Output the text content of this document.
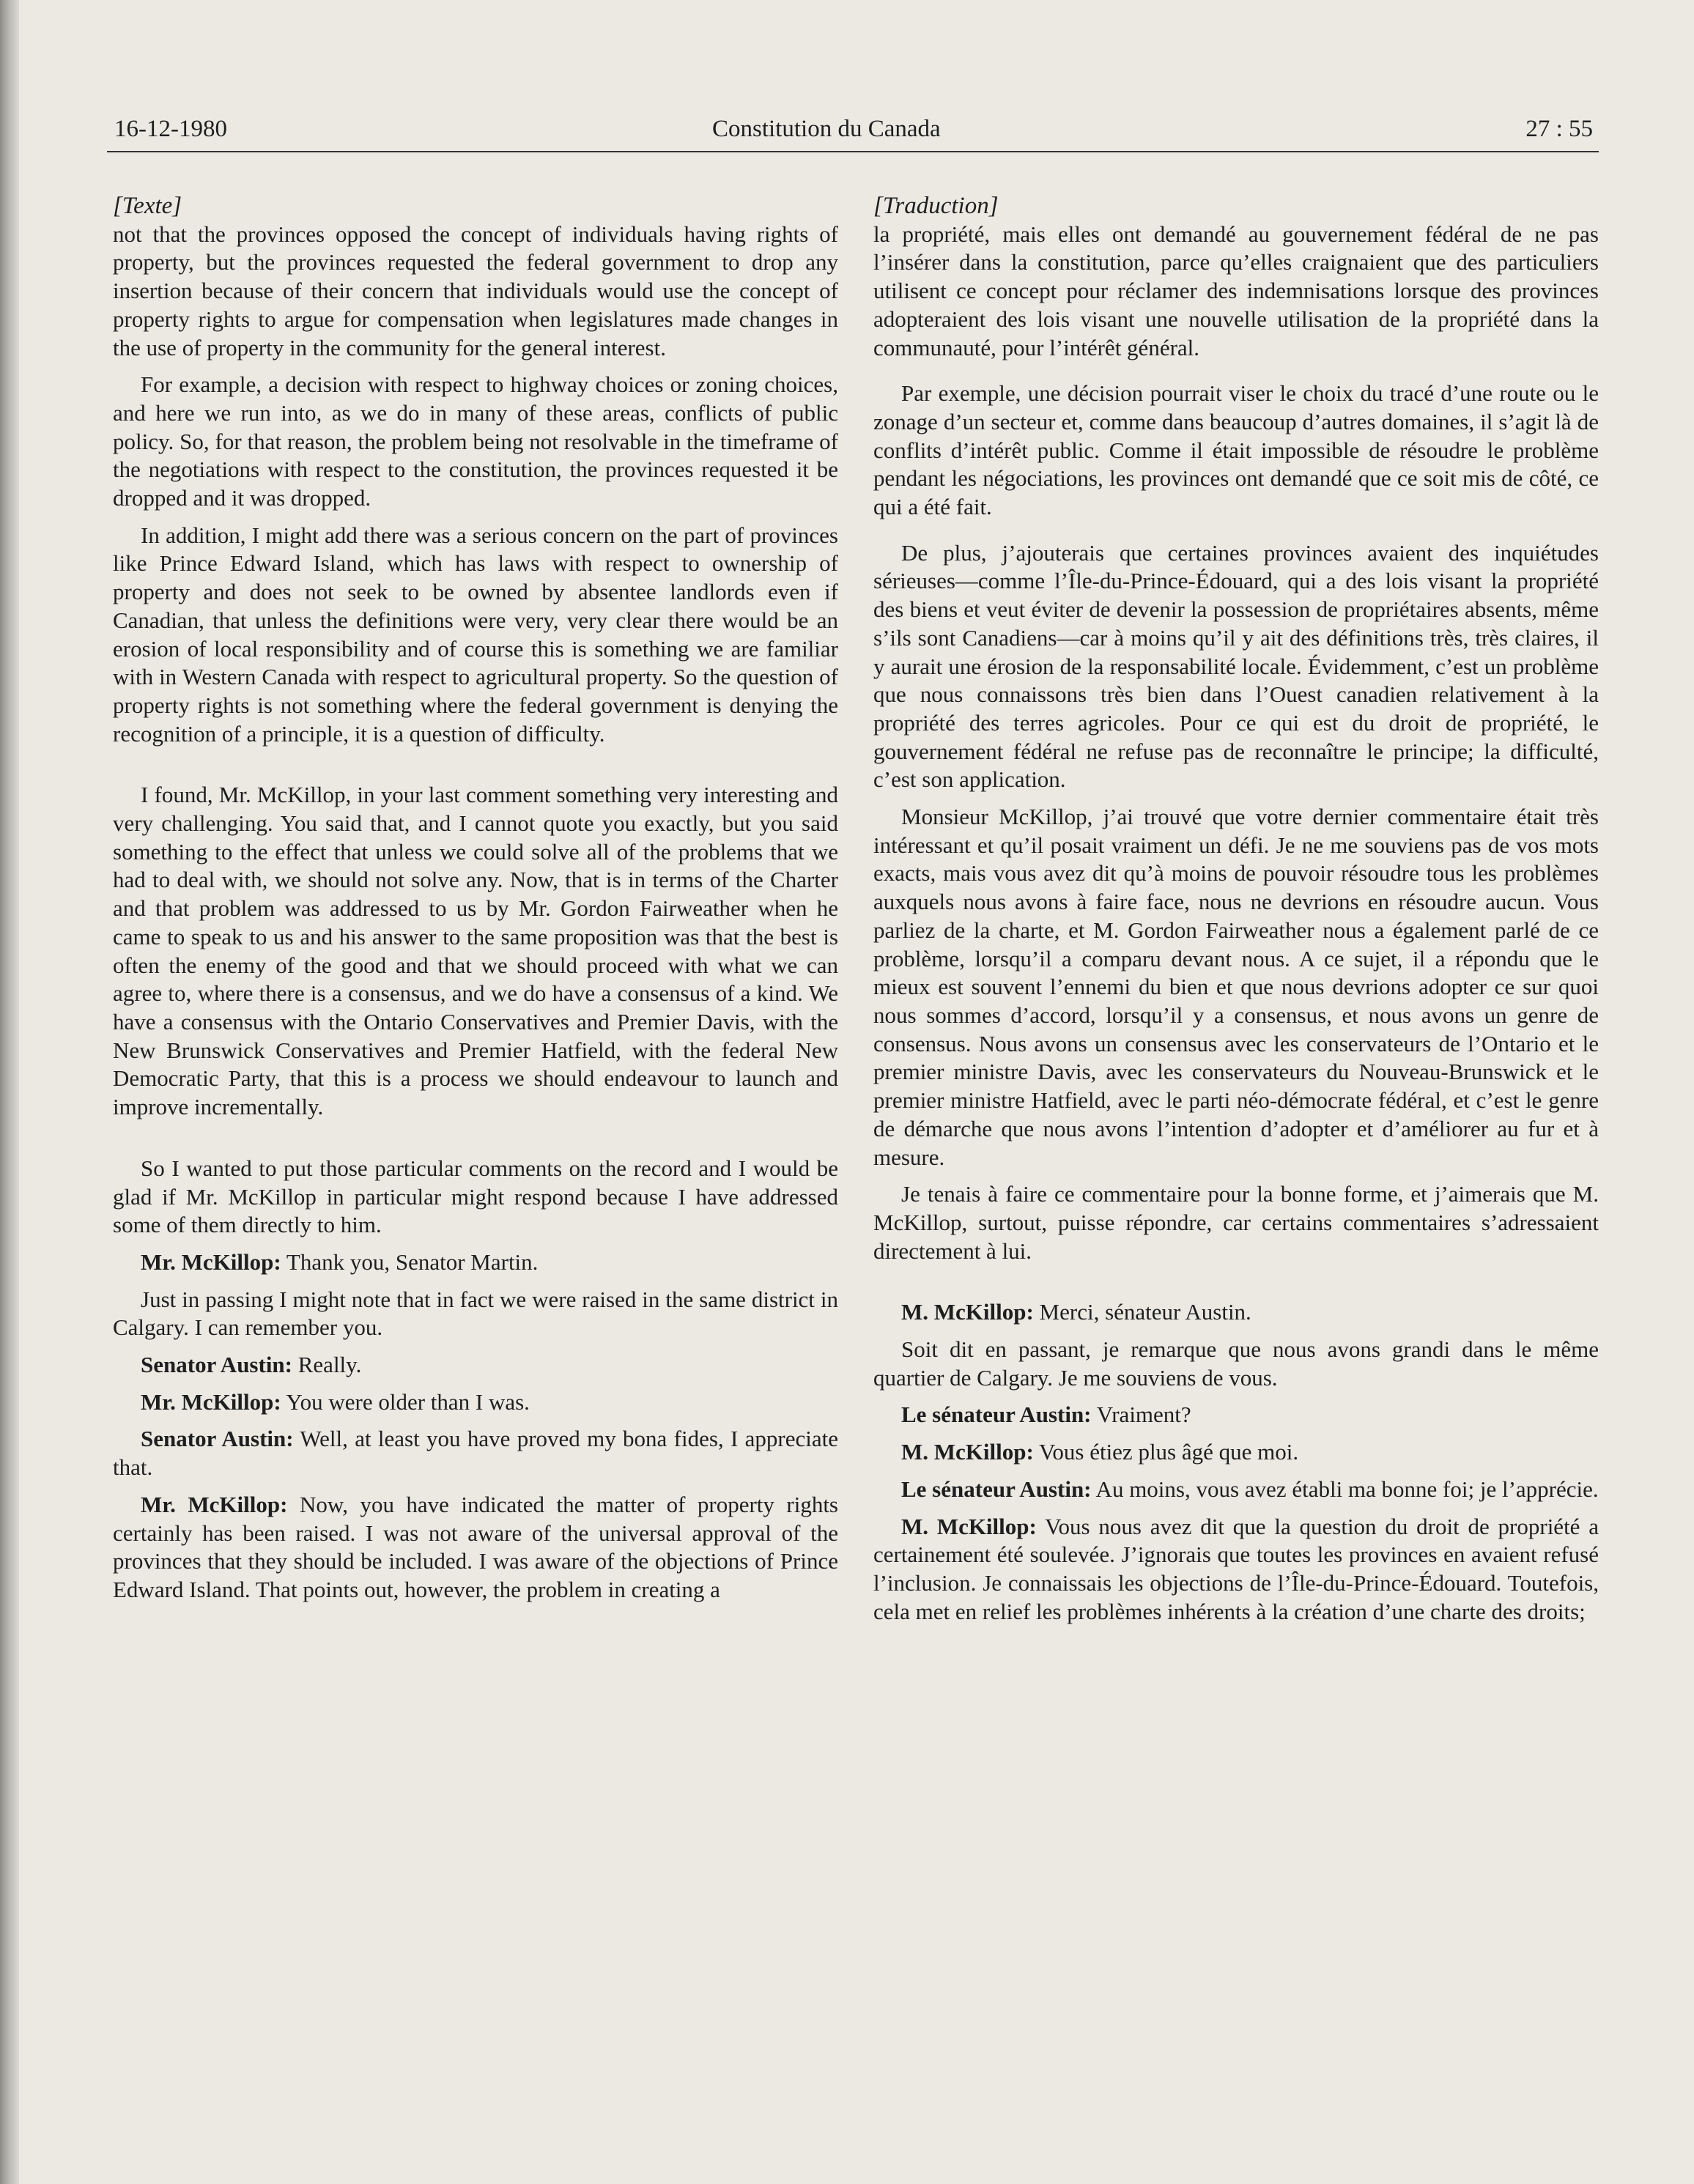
16-12-1980	Constitution du Canada	27 : 55
[Texte]

not that the provinces opposed the concept of individuals having rights of property, but the provinces requested the federal government to drop any insertion because of their concern that individuals would use the concept of property rights to argue for compensation when legislatures made changes in the use of property in the community for the general interest.

For example, a decision with respect to highway choices or zoning choices, and here we run into, as we do in many of these areas, conflicts of public policy. So, for that reason, the problem being not resolvable in the timeframe of the negotiations with respect to the constitution, the provinces requested it be dropped and it was dropped.

In addition, I might add there was a serious concern on the part of provinces like Prince Edward Island, which has laws with respect to ownership of property and does not seek to be owned by absentee landlords even if Canadian, that unless the definitions were very, very clear there would be an erosion of local responsibility and of course this is something we are familiar with in Western Canada with respect to agricultural property. So the question of property rights is not something where the federal government is denying the recognition of a principle, it is a question of difficulty.

I found, Mr. McKillop, in your last comment something very interesting and very challenging. You said that, and I cannot quote you exactly, but you said something to the effect that unless we could solve all of the problems that we had to deal with, we should not solve any. Now, that is in terms of the Charter and that problem was addressed to us by Mr. Gordon Fairweather when he came to speak to us and his answer to the same proposition was that the best is often the enemy of the good and that we should proceed with what we can agree to, where there is a consensus, and we do have a consensus of a kind. We have a consensus with the Ontario Conservatives and Premier Davis, with the New Brunswick Conservatives and Premier Hatfield, with the federal New Democratic Party, that this is a process we should endeavour to launch and improve incrementally.

So I wanted to put those particular comments on the record and I would be glad if Mr. McKillop in particular might respond because I have addressed some of them directly to him.

Mr. McKillop: Thank you, Senator Martin.

Just in passing I might note that in fact we were raised in the same district in Calgary. I can remember you.

Senator Austin: Really.

Mr. McKillop: You were older than I was.

Senator Austin: Well, at least you have proved my bona fides, I appreciate that.

Mr. McKillop: Now, you have indicated the matter of property rights certainly has been raised. I was not aware of the universal approval of the provinces that they should be included. I was aware of the objections of Prince Edward Island. That points out, however, the problem in creating a

[Traduction]

la propriété, mais elles ont demandé au gouvernement fédéral de ne pas l’insérer dans la constitution, parce qu’elles craignaient que des particuliers utilisent ce concept pour réclamer des indemnisations lorsque des provinces adopteraient des lois visant une nouvelle utilisation de la propriété dans la communauté, pour l’intérêt général.

Par exemple, une décision pourrait viser le choix du tracé d’une route ou le zonage d’un secteur et, comme dans beaucoup d’autres domaines, il s’agit là de conflits d’intérêt public. Comme il était impossible de résoudre le problème pendant les négociations, les provinces ont demandé que ce soit mis de côté, ce qui a été fait.

De plus, j’ajouterais que certaines provinces avaient des inquiétudes sérieuses—comme l’Île-du-Prince-Édouard, qui a des lois visant la propriété des biens et veut éviter de devenir la possession de propriétaires absents, même s’ils sont Canadiens—car à moins qu’il y ait des définitions très, très claires, il y aurait une érosion de la responsabilité locale. Évidemment, c’est un problème que nous connaissons très bien dans l’Ouest canadien relativement à la propriété des terres agricoles. Pour ce qui est du droit de propriété, le gouvernement fédéral ne refuse pas de reconnaître le principe; la difficulté, c’est son application.

Monsieur McKillop, j’ai trouvé que votre dernier commentaire était très intéressant et qu’il posait vraiment un défi. Je ne me souviens pas de vos mots exacts, mais vous avez dit qu’à moins de pouvoir résoudre tous les problèmes auxquels nous avons à faire face, nous ne devrions en résoudre aucun. Vous parliez de la charte, et M. Gordon Fairweather nous a également parlé de ce problème, lorsqu’il a comparu devant nous. A ce sujet, il a répondu que le mieux est souvent l’ennemi du bien et que nous devrions adopter ce sur quoi nous sommes d’accord, lorsqu’il y a consensus, et nous avons un genre de consensus. Nous avons un consensus avec les conservateurs de l’Ontario et le premier ministre Davis, avec les conservateurs du Nouveau-Brunswick et le premier ministre Hatfield, avec le parti néo-démocrate fédéral, et c’est le genre de démarche que nous avons l’intention d’adopter et d’améliorer au fur et à mesure.

Je tenais à faire ce commentaire pour la bonne forme, et j’aimerais que M. McKillop, surtout, puisse répondre, car certains commentaires s’adressaient directement à lui.

M. McKillop: Merci, sénateur Austin.

Soit dit en passant, je remarque que nous avons grandi dans le même quartier de Calgary. Je me souviens de vous.

Le sénateur Austin: Vraiment?

M. McKillop: Vous étiez plus âgé que moi.

Le sénateur Austin: Au moins, vous avez établi ma bonne foi; je l’apprécie.

M. McKillop: Vous nous avez dit que la question du droit de propriété a certainement été soulevée. J’ignorais que toutes les provinces en avaient refusé l’inclusion. Je connaissais les objections de l’Île-du-Prince-Édouard. Toutefois, cela met en relief les problèmes inhérents à la création d’une charte des droits;
